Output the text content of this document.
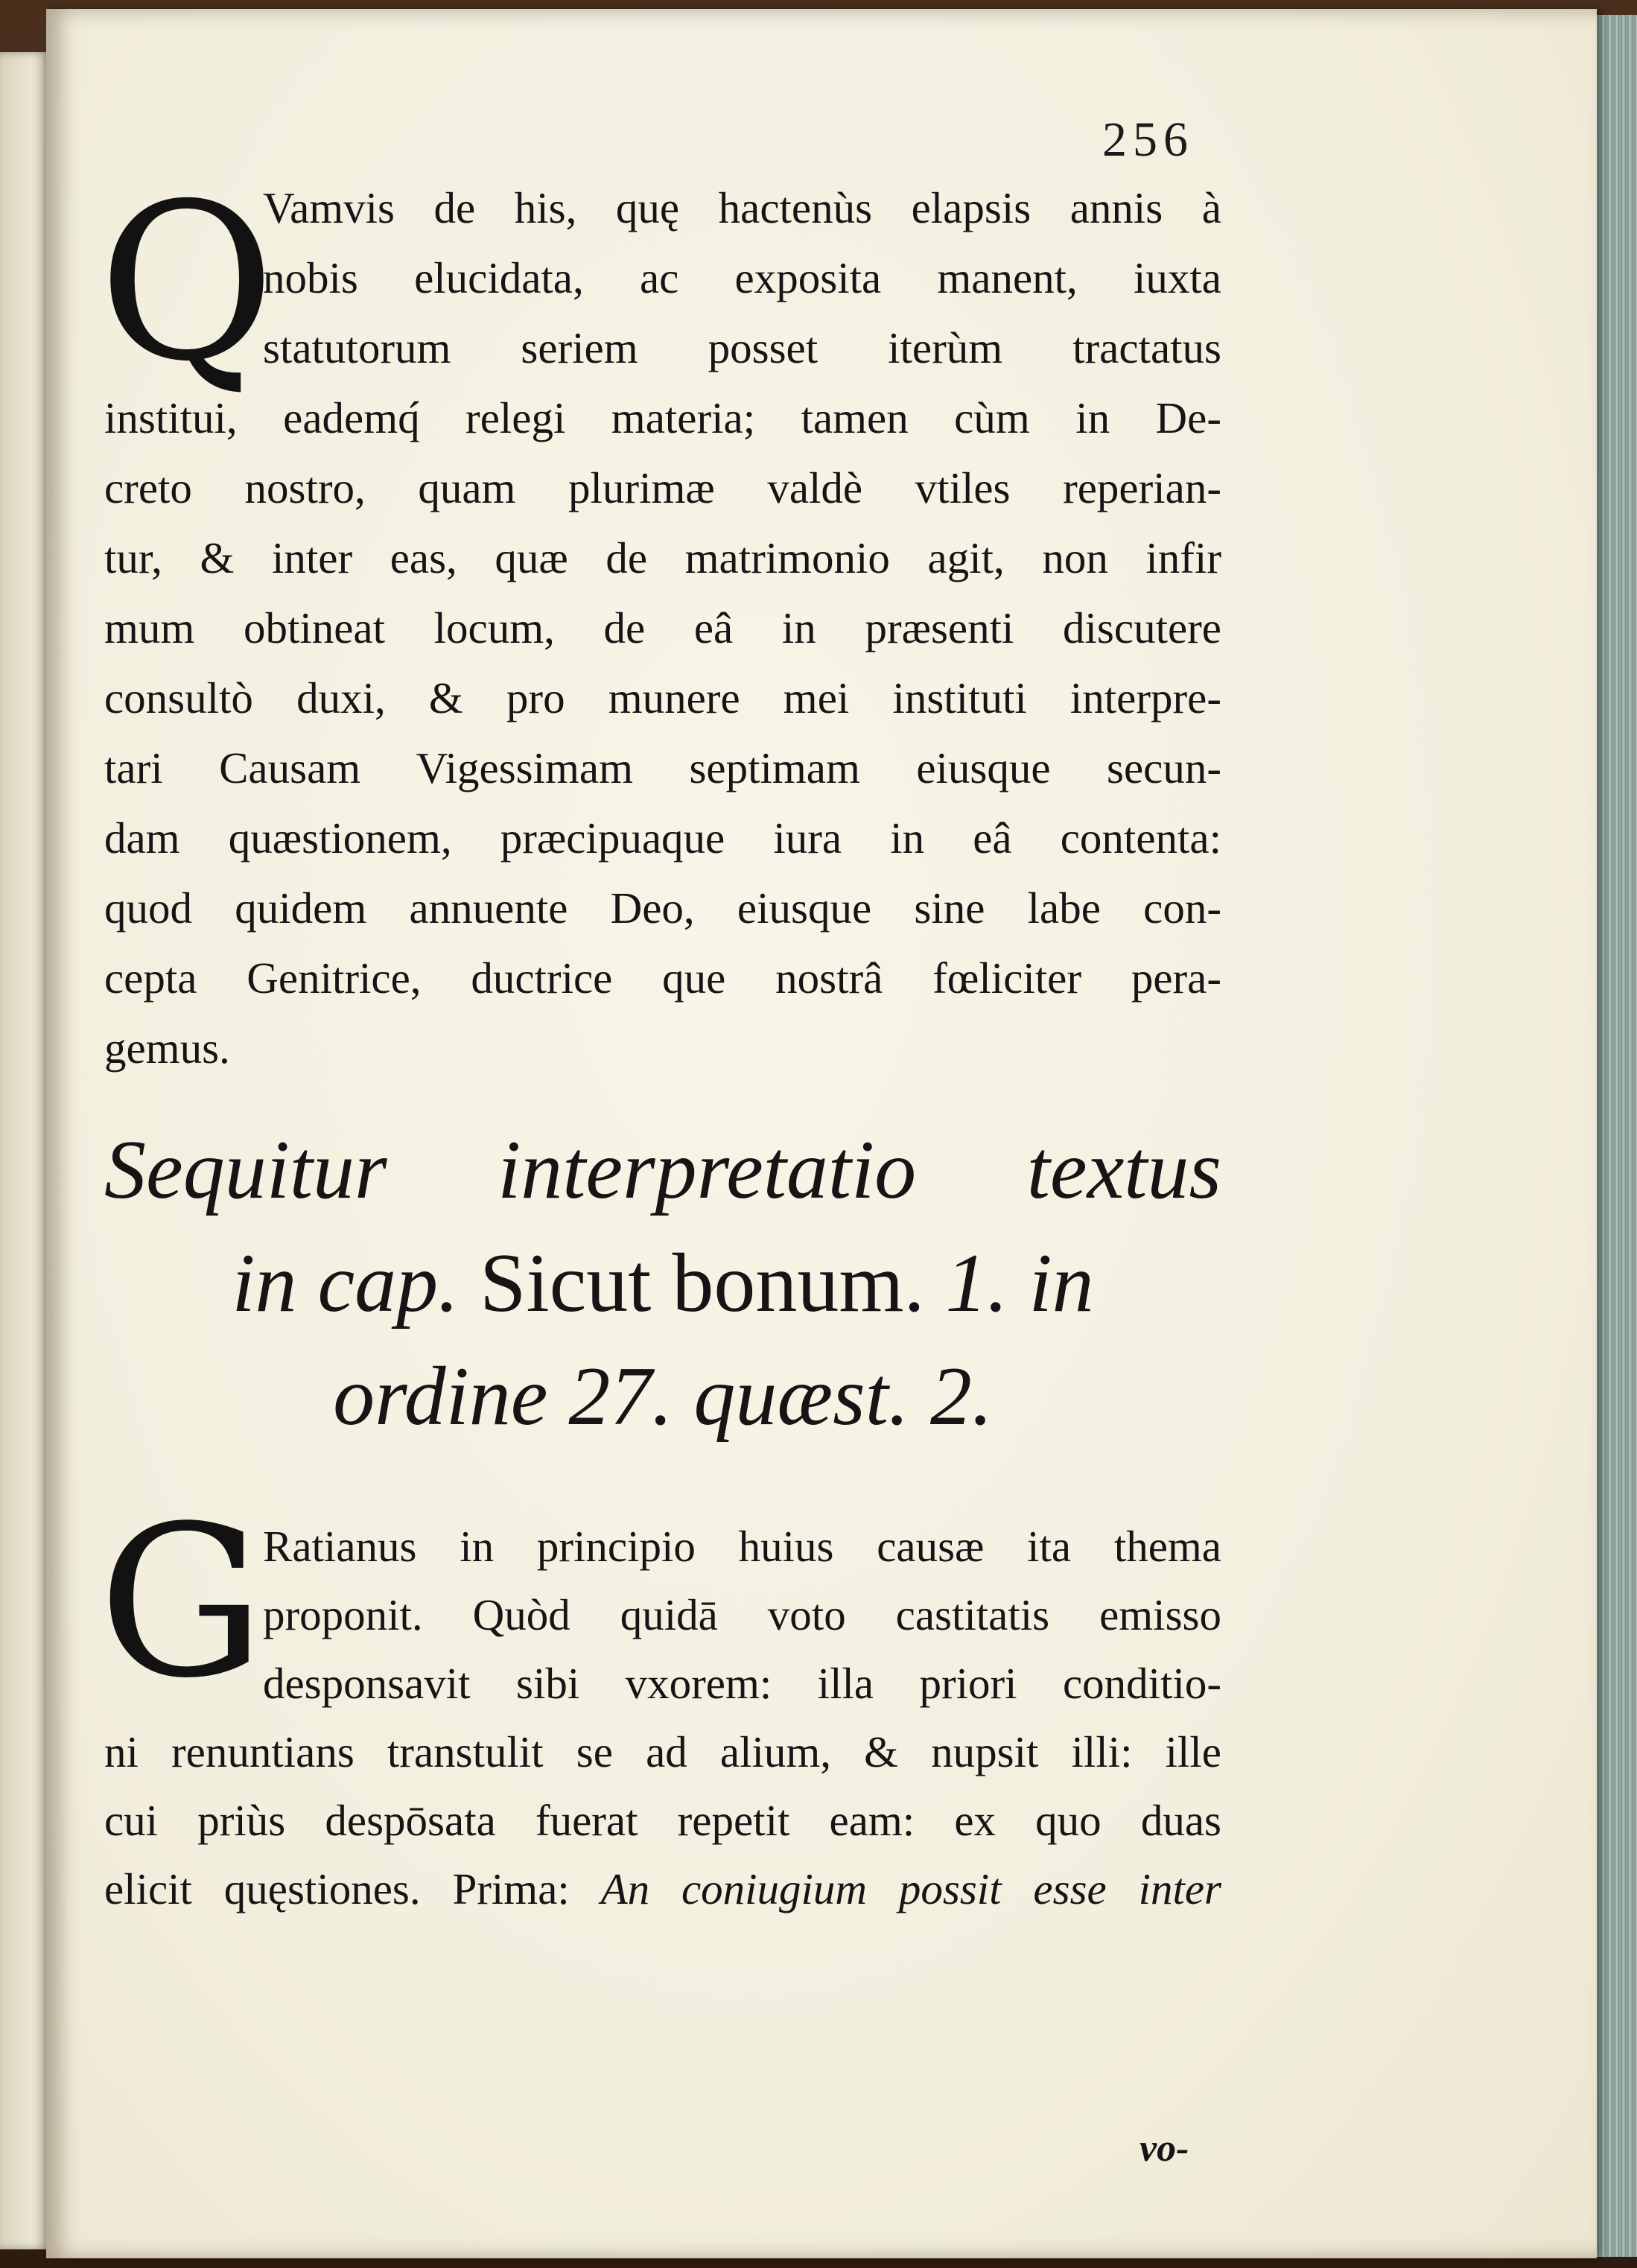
256
Q
Vamvis de his, quę hactenùs elapsis annis à
nobis elucidata, ac exposita manent, iuxta
statutorum seriem posset iterùm tractatus
institui, eademq́ relegi materia; tamen cùm in De-
creto nostro, quam plurimæ valdè vtiles reperian-
tur, & inter eas, quæ de matrimonio agit, non infir
mum obtineat locum, de eâ in præsenti discutere
consultò duxi, & pro munere mei instituti interpre-
tari Causam Vigessimam septimam eiusque secun-
dam quæstionem, præcipuaque iura in eâ contenta:
quod quidem annuente Deo, eiusque sine labe con-
cepta Genitrice, ductrice que nostrâ fœliciter pera-
gemus.
Sequitur interpretatio textus
in cap. Sicut bonum. 1. in
ordine 27. quæst. 2.
G
Ratianus in principio huius causæ ita thema
proponit. Quòd quidā voto castitatis emisso
desponsavit sibi vxorem: illa priori conditio-
ni renuntians transtulit se ad alium, & nupsit illi: ille
cui priùs despōsata fuerat repetit eam: ex quo duas
elicit quęstiones. Prima: An coniugium possit esse inter
vo-
